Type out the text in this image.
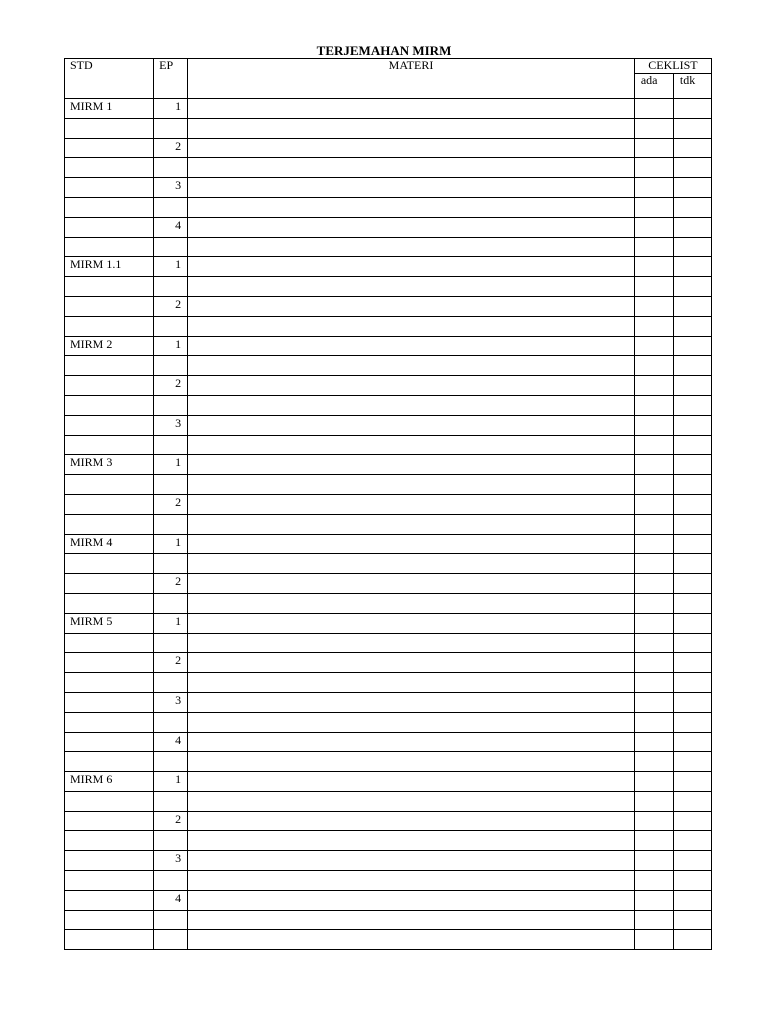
TERJEMAHAN MIRM
STD	EP	MATERI	CEKLIST	
			ada	tdk
MIRM 1	1			

	2			

	3			

	4			

MIRM 1.1	1			

	2			

MIRM 2	1			

	2			

	3			

MIRM 3	1			

	2			

MIRM 4	1			

	2			

MIRM 5	1			

	2			

	3			

	4			

MIRM 6	1			

	2			

	3			

	4			
